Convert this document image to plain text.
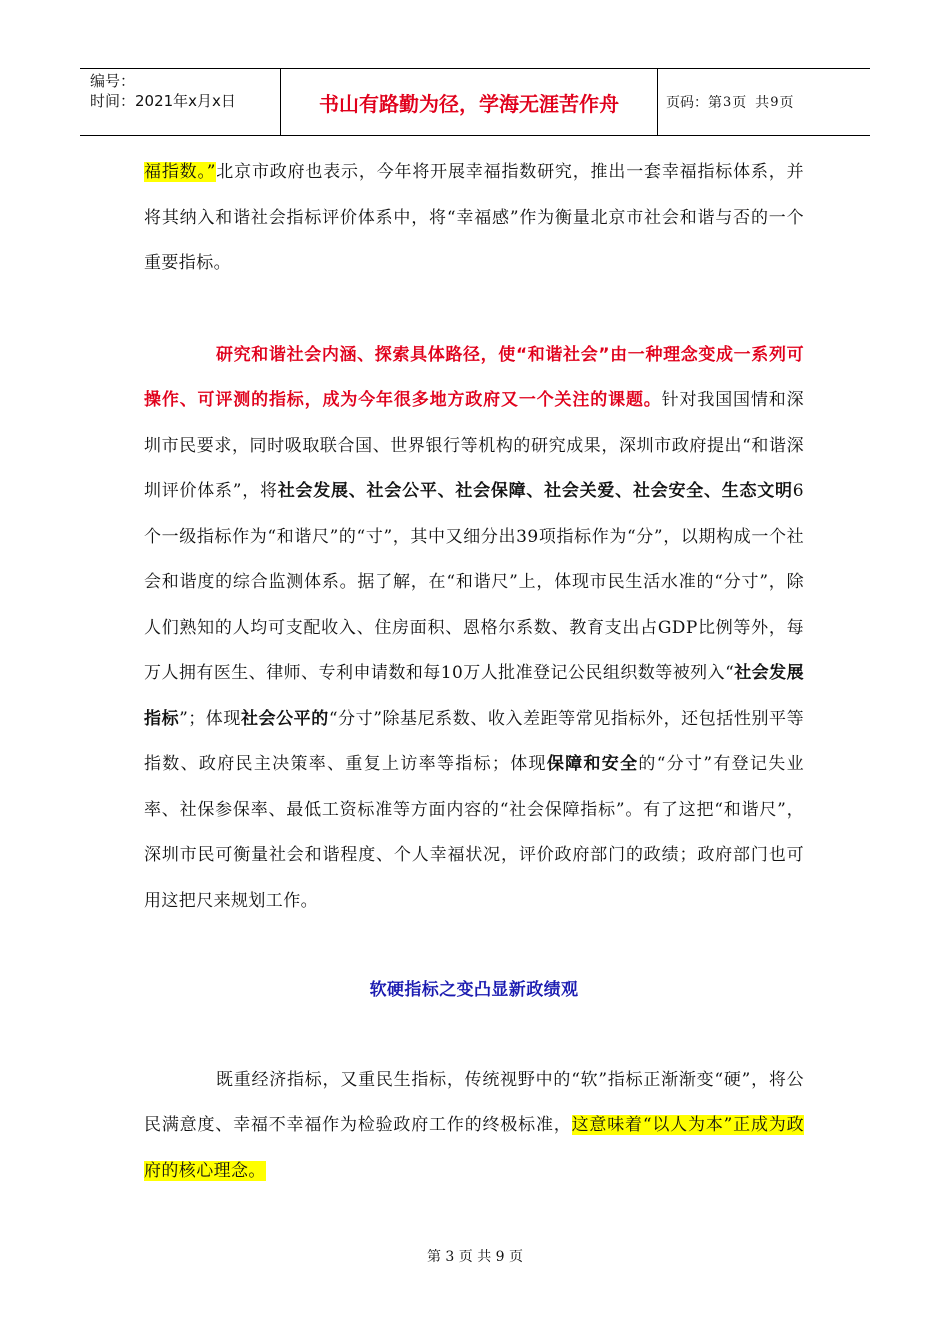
编号：
时间：2021年x月x日	书山有路勤为径，学海无涯苦作舟	页码：第 3 页  共 9 页

福指数。”北京市政府也表示，今年将开展幸福指数研究，推出一套幸福指标体系，并将其纳入和谐社会指标评价体系中，将“幸福感”作为衡量北京市社会和谐与否的一个重要指标。

研究和谐社会内涵、探索具体路径，使“和谐社会”由一种理念变成一系列可操作、可评测的指标，成为今年很多地方政府又一个关注的课题。针对我国国情和深圳市民要求，同时吸取联合国、世界银行等机构的研究成果，深圳市政府提出“和谐深圳评价体系”，将社会发展、社会公平、社会保障、社会关爱、社会安全、生态文明6个一级指标作为“和谐尺”的“寸”，其中又细分出39项指标作为“分”，以期构成一个社会和谐度的综合监测体系。据了解，在“和谐尺”上，体现市民生活水准的“分寸”，除人们熟知的人均可支配收入、住房面积、恩格尔系数、教育支出占GDP比例等外，每万人拥有医生、律师、专利申请数和每10万人批准登记公民组织数等被列入“社会发展指标”；体现社会公平的“分寸”除基尼系数、收入差距等常见指标外，还包括性别平等指数、政府民主决策率、重复上访率等指标；体现保障和安全的“分寸”有登记失业率、社保参保率、最低工资标准等方面内容的“社会保障指标”。有了这把“和谐尺”，深圳市民可衡量社会和谐程度、个人幸福状况，评价政府部门的政绩；政府部门也可用这把尺来规划工作。

软硬指标之变凸显新政绩观

既重经济指标，又重民生指标，传统视野中的“软”指标正渐渐变“硬”，将公民满意度、幸福不幸福作为检验政府工作的终极标准，这意味着“以人为本”正成为政府的核心理念。

第 3 页 共 9 页
